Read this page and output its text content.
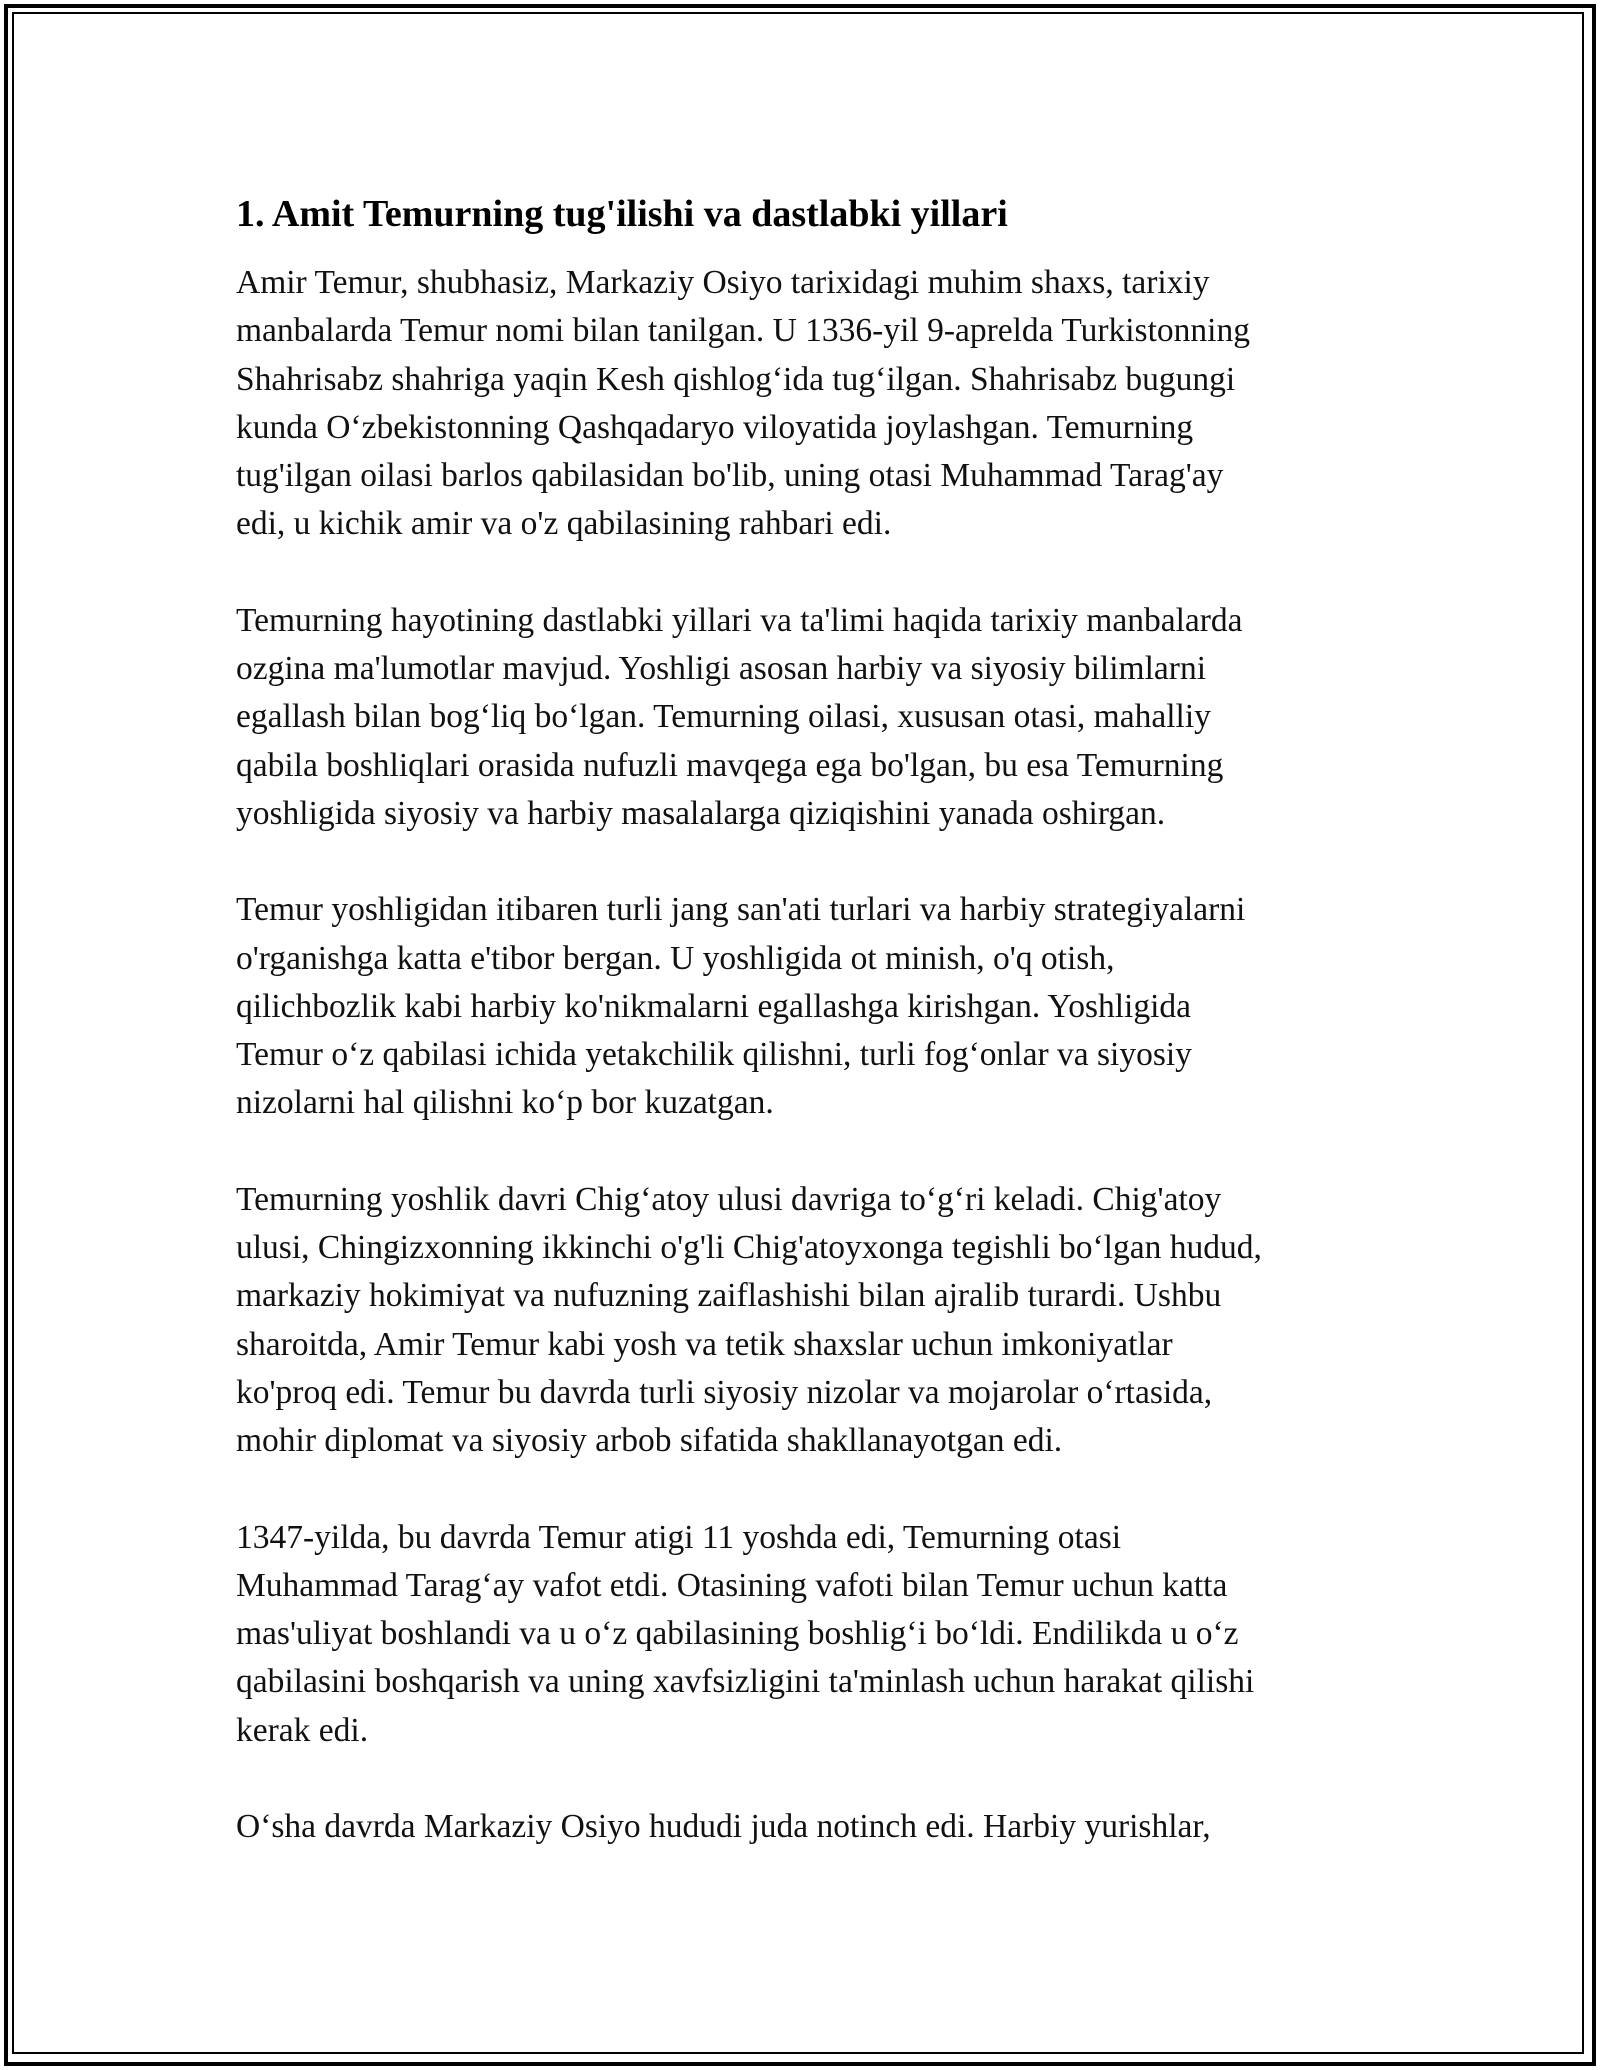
1. Amit Temurning tug'ilishi va dastlabki yillari

Amir Temur, shubhasiz, Markaziy Osiyo tarixidagi muhim shaxs, tarixiy
manbalarda Temur nomi bilan tanilgan. U 1336-yil 9-aprelda Turkistonning
Shahrisabz shahriga yaqin Kesh qishlog‘ida tug‘ilgan. Shahrisabz bugungi
kunda O‘zbekistonning Qashqadaryo viloyatida joylashgan. Temurning
tug'ilgan oilasi barlos qabilasidan bo'lib, uning otasi Muhammad Tarag'ay
edi, u kichik amir va o'z qabilasining rahbari edi.

Temurning hayotining dastlabki yillari va ta'limi haqida tarixiy manbalarda
ozgina ma'lumotlar mavjud. Yoshligi asosan harbiy va siyosiy bilimlarni
egallash bilan bog‘liq bo‘lgan. Temurning oilasi, xususan otasi, mahalliy
qabila boshliqlari orasida nufuzli mavqega ega bo'lgan, bu esa Temurning
yoshligida siyosiy va harbiy masalalarga qiziqishini yanada oshirgan.

Temur yoshligidan itibaren turli jang san'ati turlari va harbiy strategiyalarni
o'rganishga katta e'tibor bergan. U yoshligida ot minish, o'q otish,
qilichbozlik kabi harbiy ko'nikmalarni egallashga kirishgan. Yoshligida
Temur o‘z qabilasi ichida yetakchilik qilishni, turli fog‘onlar va siyosiy
nizolarni hal qilishni ko‘p bor kuzatgan.

Temurning yoshlik davri Chig‘atoy ulusi davriga to‘g‘ri keladi. Chig'atoy
ulusi, Chingizxonning ikkinchi o'g'li Chig'atoyxonga tegishli bo‘lgan hudud,
markaziy hokimiyat va nufuzning zaiflashishi bilan ajralib turardi. Ushbu
sharoitda, Amir Temur kabi yosh va tetik shaxslar uchun imkoniyatlar
ko'proq edi. Temur bu davrda turli siyosiy nizolar va mojarolar o‘rtasida,
mohir diplomat va siyosiy arbob sifatida shakllanayotgan edi.

1347-yilda, bu davrda Temur atigi 11 yoshda edi, Temurning otasi
Muhammad Tarag‘ay vafot etdi. Otasining vafoti bilan Temur uchun katta
mas'uliyat boshlandi va u o‘z qabilasining boshlig‘i bo‘ldi. Endilikda u o‘z
qabilasini boshqarish va uning xavfsizligini ta'minlash uchun harakat qilishi
kerak edi.

O‘sha davrda Markaziy Osiyo hududi juda notinch edi. Harbiy yurishlar,
